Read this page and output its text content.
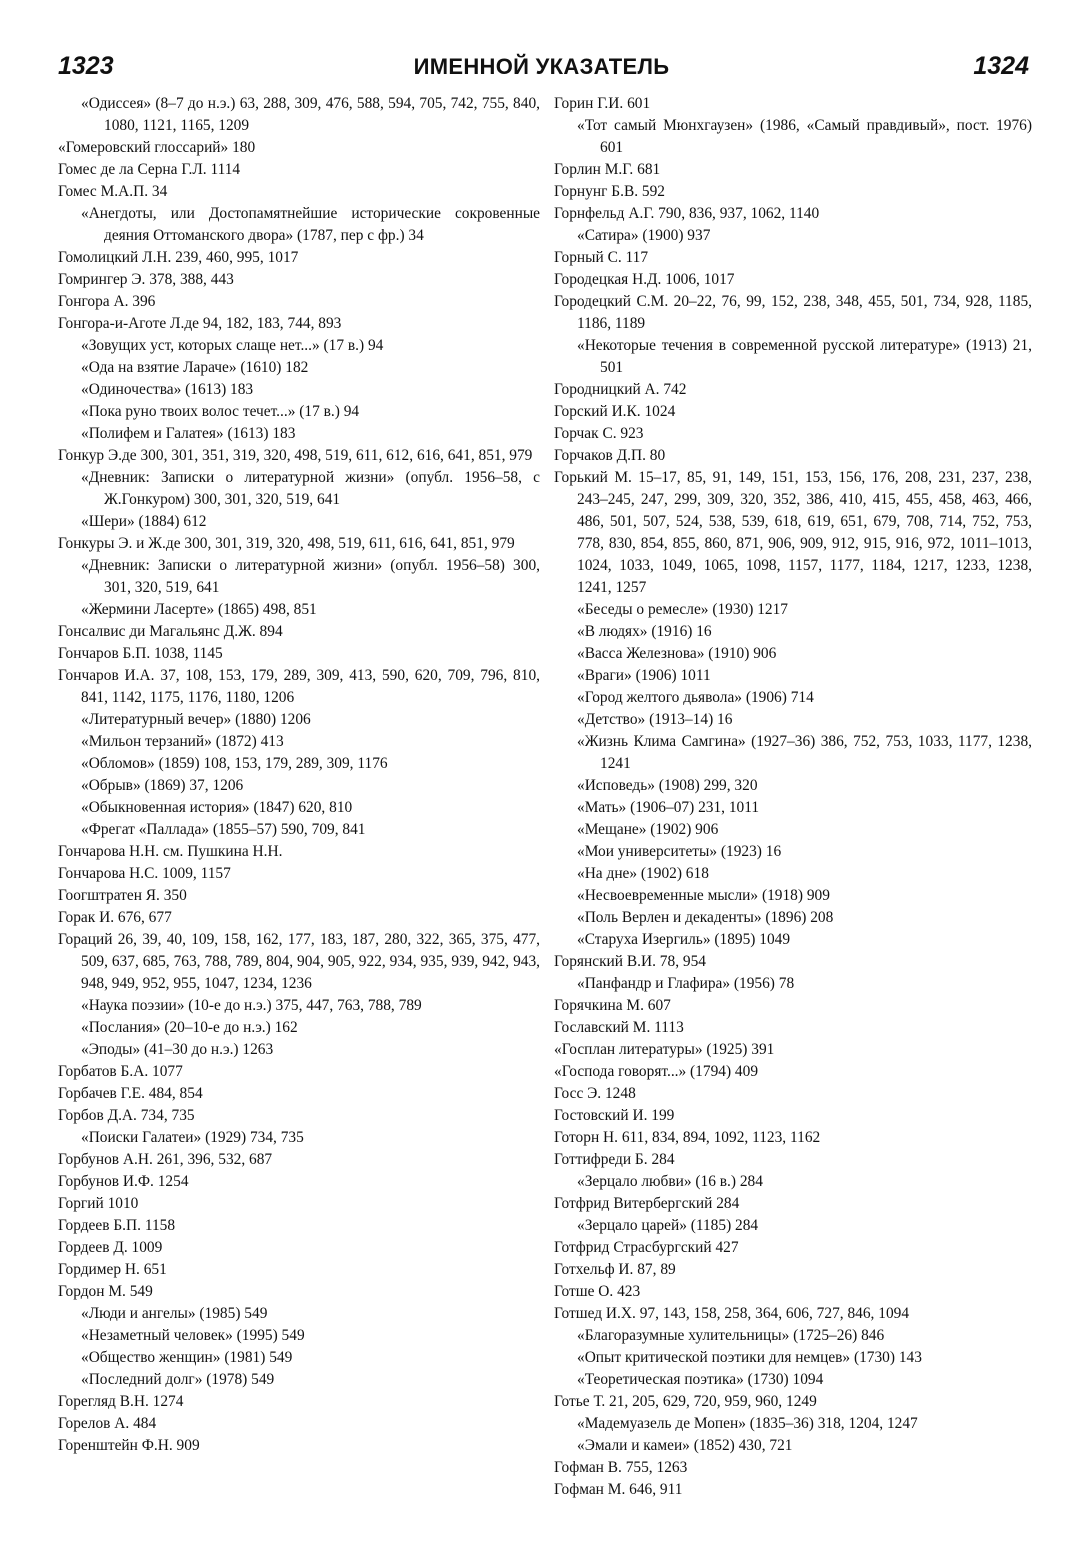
1323	ИМЕННОЙ УКАЗАТЕЛЬ	1324
«Одиссея» (8–7 до н.э.) 63, 288, 309, 476, 588, 594, 705, 742, 755, 840, 1080, 1121, 1165, 1209
«Гомеровский глоссарий» 180
Гомес де ла Серна Г.Л. 1114
Гомес М.А.П. 34
«Анегдоты, или Достопамятнейшие исторические сокровенные деяния Оттоманского двора» (1787, пер с фр.) 34
Гомолицкий Л.Н. 239, 460, 995, 1017
Гомрингер Э. 378, 388, 443
Гонгора А. 396
Гонгора-и-Аготе Л.де 94, 182, 183, 744, 893
«Зовущих уст, которых слаще нет...» (17 в.) 94
«Ода на взятие Лараче» (1610) 182
«Одиночества» (1613) 183
«Пока руно твоих волос течет...» (17 в.) 94
«Полифем и Галатея» (1613) 183
Гонкур Э.де 300, 301, 351, 319, 320, 498, 519, 611, 612, 616, 641, 851, 979
«Дневник: Записки о литературной жизни» (опубл. 1956–58, с Ж.Гонкуром) 300, 301, 320, 519, 641
«Шери» (1884) 612
Гонкуры Э. и Ж.де 300, 301, 319, 320, 498, 519, 611, 616, 641, 851, 979
«Дневник: Записки о литературной жизни» (опубл. 1956–58) 300, 301, 320, 519, 641
«Жермини Ласерте» (1865) 498, 851
Гонсалвис ди Магальянс Д.Ж. 894
Гончаров Б.П. 1038, 1145
Гончаров И.А. 37, 108, 153, 179, 289, 309, 413, 590, 620, 709, 796, 810, 841, 1142, 1175, 1176, 1180, 1206
«Литературный вечер» (1880) 1206
«Мильон терзаний» (1872) 413
«Обломов» (1859) 108, 153, 179, 289, 309, 1176
«Обрыв» (1869) 37, 1206
«Обыкновенная история» (1847) 620, 810
«Фрегат «Паллада» (1855–57) 590, 709, 841
Гончарова Н.Н. см. Пушкина Н.Н.
Гончарова Н.С. 1009, 1157
Гоогштратен Я. 350
Горак И. 676, 677
Гораций 26, 39, 40, 109, 158, 162, 177, 183, 187, 280, 322, 365, 375, 477, 509, 637, 685, 763, 788, 789, 804, 904, 905, 922, 934, 935, 939, 942, 943, 948, 949, 952, 955, 1047, 1234, 1236
«Наука поэзии» (10-е до н.э.) 375, 447, 763, 788, 789
«Послания» (20–10-е до н.э.) 162
«Эподы» (41–30 до н.э.) 1263
Горбатов Б.А. 1077
Горбачев Г.Е. 484, 854
Горбов Д.А. 734, 735
«Поиски Галатеи» (1929) 734, 735
Горбунов А.Н. 261, 396, 532, 687
Горбунов И.Ф. 1254
Горгий 1010
Гордеев Б.П. 1158
Гордеев Д. 1009
Гордимер Н. 651
Гордон М. 549
«Люди и ангелы» (1985) 549
«Незаметный человек» (1995) 549
«Общество женщин» (1981) 549
«Последний долг» (1978) 549
Горегляд В.Н. 1274
Горелов А. 484
Горенштейн Ф.Н. 909
Горин Г.И. 601
«Тот самый Мюнхгаузен» (1986, «Самый правдивый», пост. 1976) 601
Горлин М.Г. 681
Горнунг Б.В. 592
Горнфельд А.Г. 790, 836, 937, 1062, 1140
«Сатира» (1900) 937
Горный С. 117
Городецкая Н.Д. 1006, 1017
Городецкий С.М. 20–22, 76, 99, 152, 238, 348, 455, 501, 734, 928, 1185, 1186, 1189
«Некоторые течения в современной русской литературе» (1913) 21, 501
Городницкий А. 742
Горский И.К. 1024
Горчак С. 923
Горчаков Д.П. 80
Горький М. 15–17, 85, 91, 149, 151, 153, 156, 176, 208, 231, 237, 238, 243–245, 247, 299, 309, 320, 352, 386, 410, 415, 455, 458, 463, 466, 486, 501, 507, 524, 538, 539, 618, 619, 651, 679, 708, 714, 752, 753, 778, 830, 854, 855, 860, 871, 906, 909, 912, 915, 916, 972, 1011–1013, 1024, 1033, 1049, 1065, 1098, 1157, 1177, 1184, 1217, 1233, 1238, 1241, 1257
«Беседы о ремесле» (1930) 1217
«В людях» (1916) 16
«Васса Железнова» (1910) 906
«Враги» (1906) 1011
«Город желтого дьявола» (1906) 714
«Детство» (1913–14) 16
«Жизнь Клима Самгина» (1927–36) 386, 752, 753, 1033, 1177, 1238, 1241
«Исповедь» (1908) 299, 320
«Мать» (1906–07) 231, 1011
«Мещане» (1902) 906
«Мои университеты» (1923) 16
«На дне» (1902) 618
«Несвоевременные мысли» (1918) 909
«Поль Верлен и декаденты» (1896) 208
«Старуха Изергиль» (1895) 1049
Горянский В.И. 78, 954
«Панфандр и Глафира» (1956) 78
Горячкина М. 607
Гославский М. 1113
«Госплан литературы» (1925) 391
«Господа говорят...» (1794) 409
Госс Э. 1248
Гостовский И. 199
Готорн Н. 611, 834, 894, 1092, 1123, 1162
Готтифреди Б. 284
«Зерцало любви» (16 в.) 284
Готфрид Витербергский 284
«Зерцало царей» (1185) 284
Готфрид Страсбургский 427
Готхельф И. 87, 89
Готше О. 423
Готшед И.Х. 97, 143, 158, 258, 364, 606, 727, 846, 1094
«Благоразумные хулительницы» (1725–26) 846
«Опыт критической поэтики для немцев» (1730) 143
«Теоретическая поэтика» (1730) 1094
Готье Т. 21, 205, 629, 720, 959, 960, 1249
«Мадемуазель де Мопен» (1835–36) 318, 1204, 1247
«Эмали и камеи» (1852) 430, 721
Гофман В. 755, 1263
Гофман М. 646, 911
